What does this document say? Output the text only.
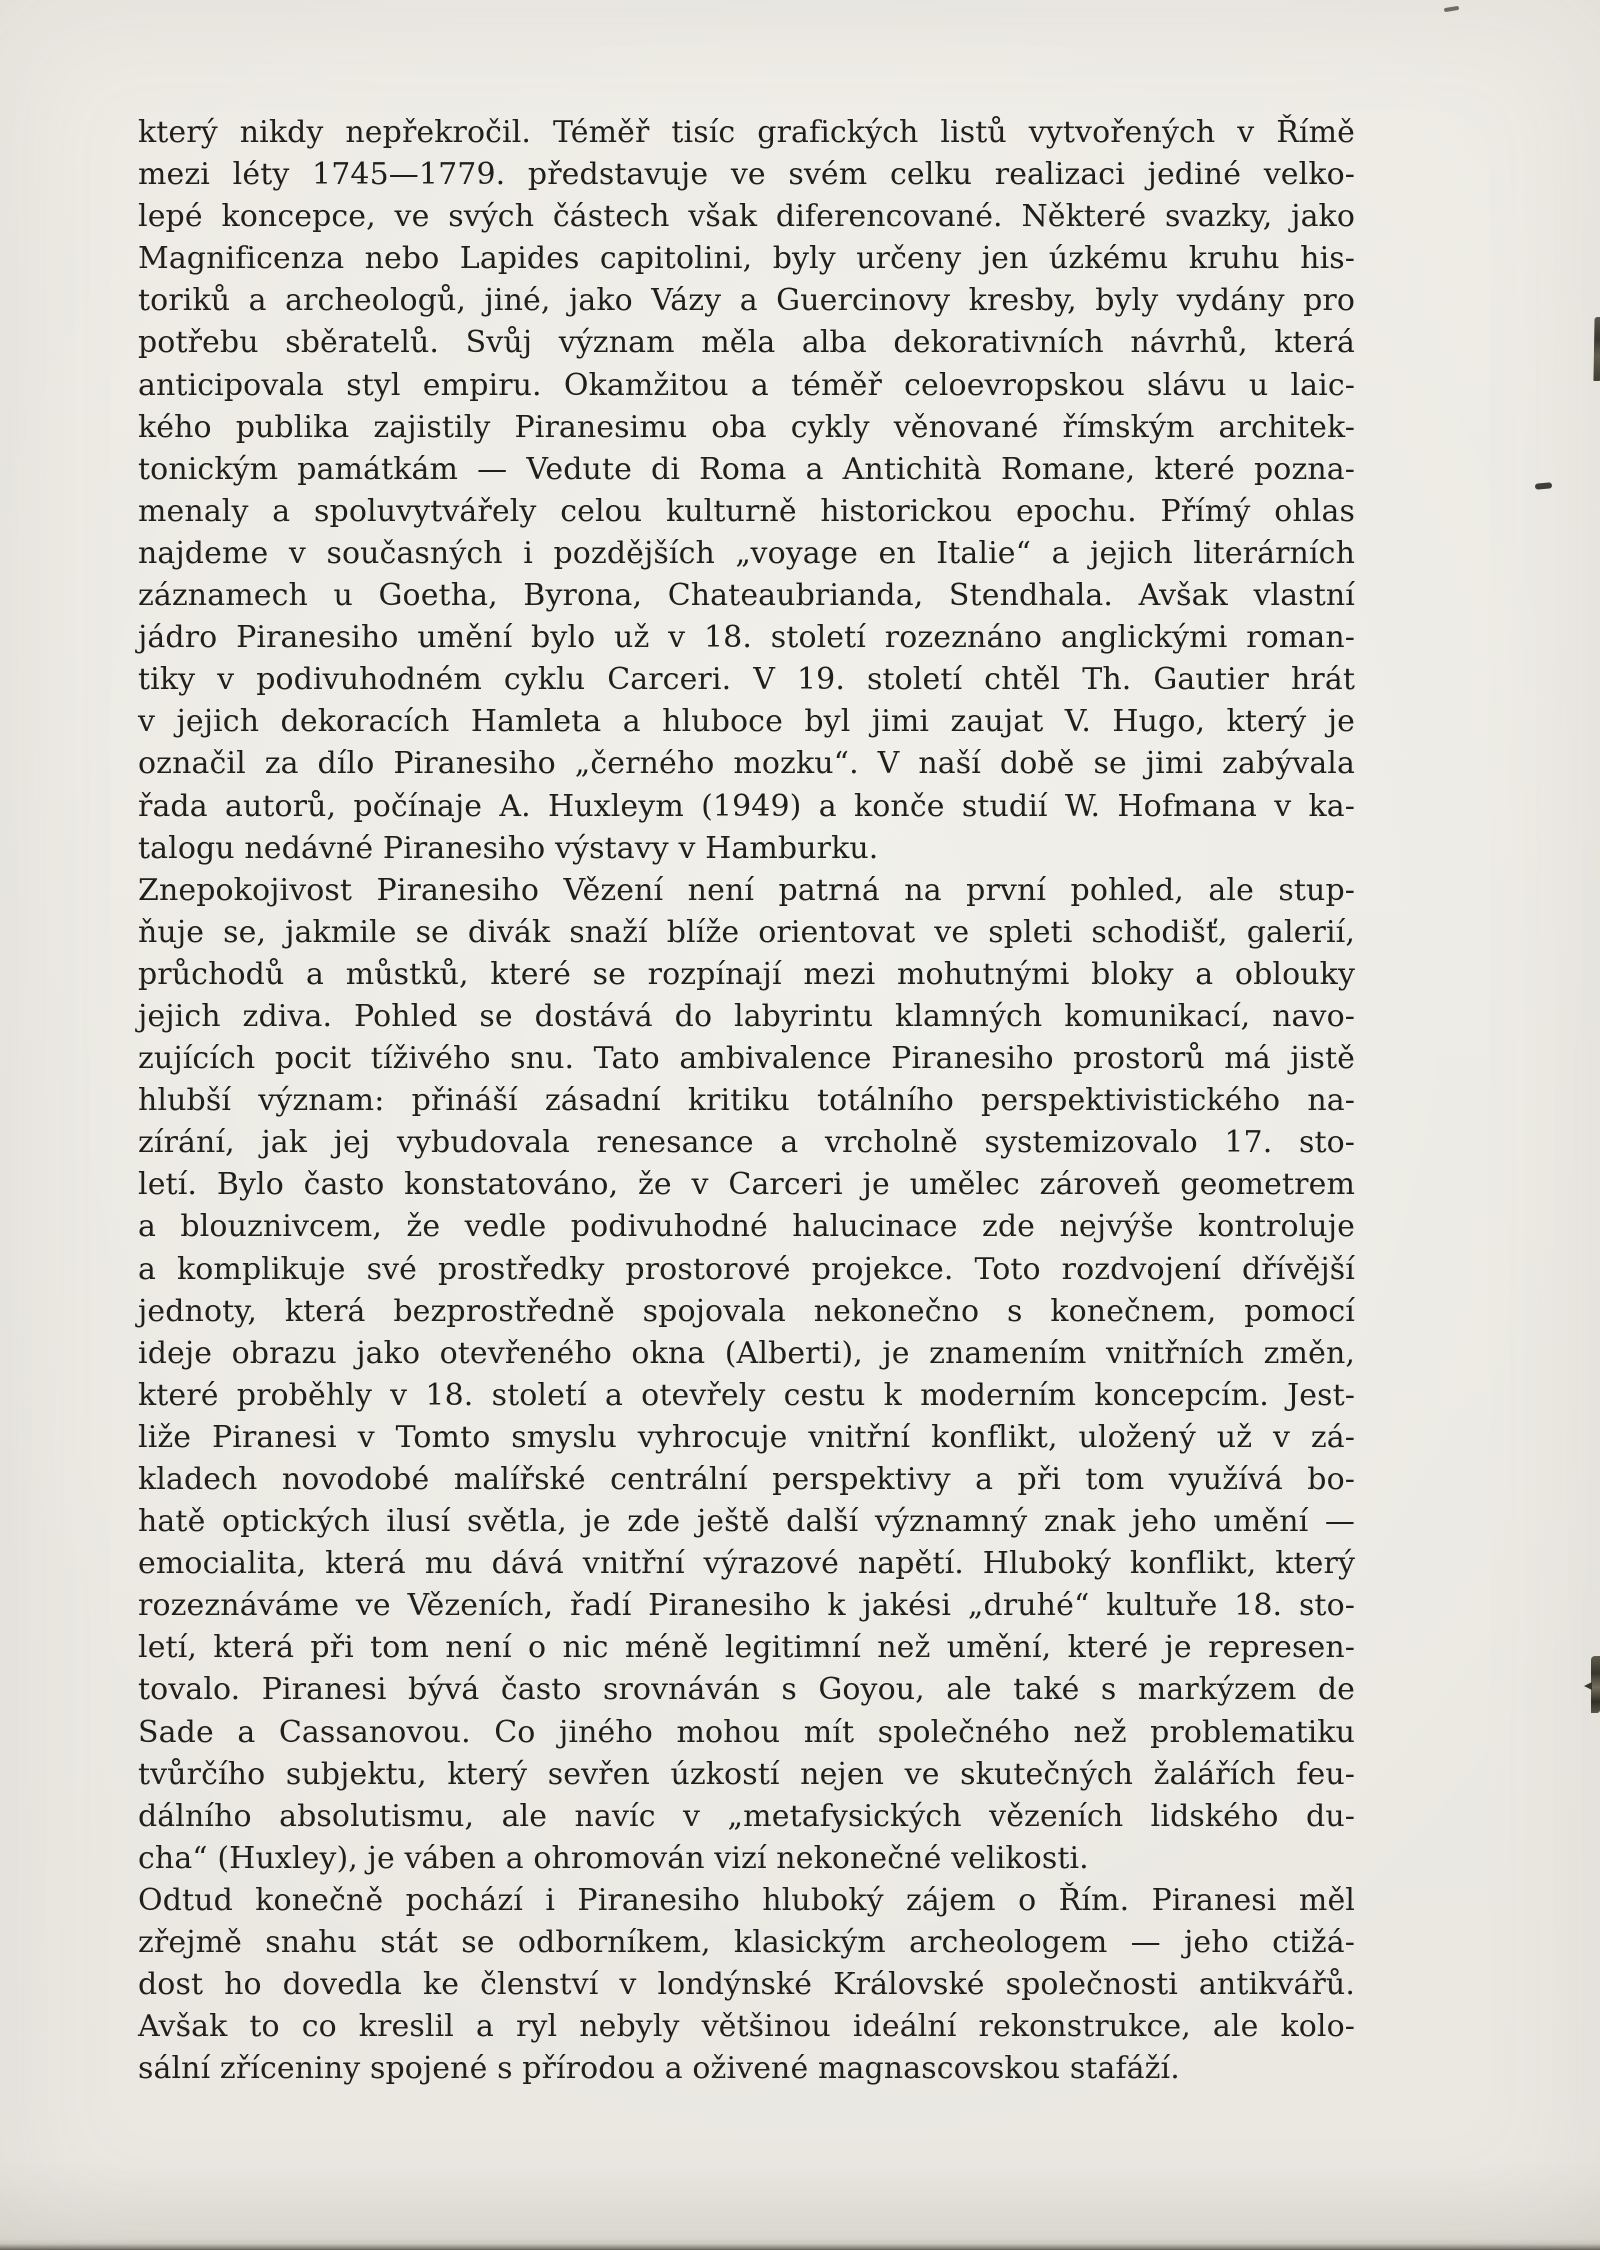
který nikdy nepřekročil. Téměř tisíc grafických listů vytvořených v Římě
mezi léty 1745—1779. představuje ve svém celku realizaci jediné velko-
lepé koncepce, ve svých částech však diferencované. Některé svazky, jako
Magnificenza nebo Lapides capitolini, byly určeny jen úzkému kruhu his-
toriků a archeologů, jiné, jako Vázy a Guercinovy kresby, byly vydány pro
potřebu sběratelů. Svůj význam měla alba dekorativních návrhů, která
anticipovala styl empiru. Okamžitou a téměř celoevropskou slávu u laic-
kého publika zajistily Piranesimu oba cykly věnované římským architek-
tonickým památkám — Vedute di Roma a Antichità Romane, které pozna-
menaly a spoluvytvářely celou kulturně historickou epochu. Přímý ohlas
najdeme v současných i pozdějších „voyage en Italie“ a jejich literárních
záznamech u Goetha, Byrona, Chateaubrianda, Stendhala. Avšak vlastní
jádro Piranesiho umění bylo už v 18. století rozeznáno anglickými roman-
tiky v podivuhodném cyklu Carceri. V 19. století chtěl Th. Gautier hrát
v jejich dekoracích Hamleta a hluboce byl jimi zaujat V. Hugo, který je
označil za dílo Piranesiho „černého mozku“. V naší době se jimi zabývala
řada autorů, počínaje A. Huxleym (1949) a konče studií W. Hofmana v ka-
talogu nedávné Piranesiho výstavy v Hamburku.
Znepokojivost Piranesiho Vězení není patrná na první pohled, ale stup-
ňuje se, jakmile se divák snaží blíže orientovat ve spleti schodišť, galerií,
průchodů a můstků, které se rozpínají mezi mohutnými bloky a oblouky
jejich zdiva. Pohled se dostává do labyrintu klamných komunikací, navo-
zujících pocit tíživého snu. Tato ambivalence Piranesiho prostorů má jistě
hlubší význam: přináší zásadní kritiku totálního perspektivistického na-
zírání, jak jej vybudovala renesance a vrcholně systemizovalo 17. sto-
letí. Bylo často konstatováno, že v Carceri je umělec zároveň geometrem
a blouznivcem, že vedle podivuhodné halucinace zde nejvýše kontroluje
a komplikuje své prostředky prostorové projekce. Toto rozdvojení dřívější
jednoty, která bezprostředně spojovala nekonečno s konečnem, pomocí
ideje obrazu jako otevřeného okna (Alberti), je znamením vnitřních změn,
které proběhly v 18. století a otevřely cestu k moderním koncepcím. Jest-
liže Piranesi v Tomto smyslu vyhrocuje vnitřní konflikt, uložený už v zá-
kladech novodobé malířské centrální perspektivy a při tom využívá bo-
hatě optických ilusí světla, je zde ještě další významný znak jeho umění —
emocialita, která mu dává vnitřní výrazové napětí. Hluboký konflikt, který
rozeznáváme ve Vězeních, řadí Piranesiho k jakési „druhé“ kultuře 18. sto-
letí, která při tom není o nic méně legitimní než umění, které je represen-
tovalo. Piranesi bývá často srovnáván s Goyou, ale také s markýzem de
Sade a Cassanovou. Co jiného mohou mít společného než problematiku
tvůrčího subjektu, který sevřen úzkostí nejen ve skutečných žalářích feu-
dálního absolutismu, ale navíc v „metafysických vězeních lidského du-
cha“ (Huxley), je váben a ohromován vizí nekonečné velikosti.
Odtud konečně pochází i Piranesiho hluboký zájem o Řím. Piranesi měl
zřejmě snahu stát se odborníkem, klasickým archeologem — jeho ctižá-
dost ho dovedla ke členství v londýnské Královské společnosti antikvářů.
Avšak to co kreslil a ryl nebyly většinou ideální rekonstrukce, ale kolo-
sální zříceniny spojené s přírodou a oživené magnascovskou stafáží.
